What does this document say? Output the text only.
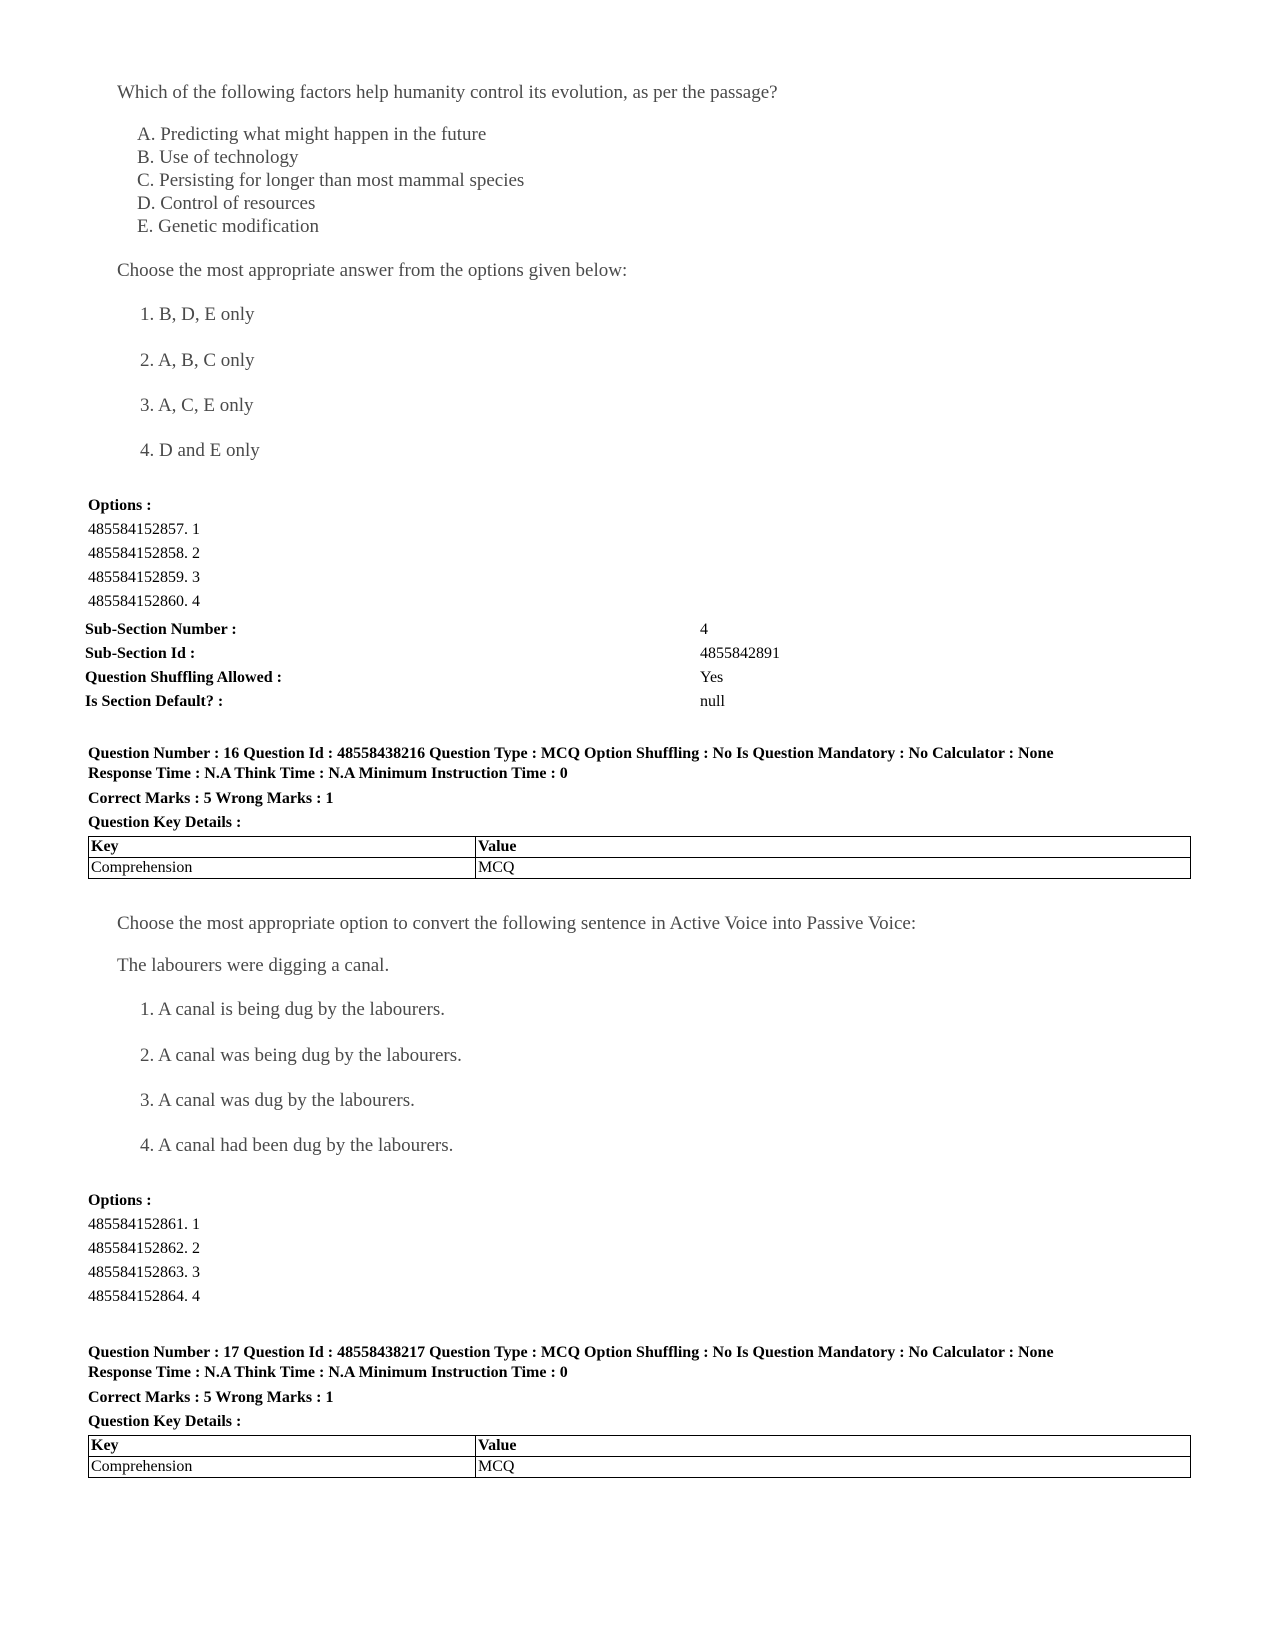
Which of the following factors help humanity control its evolution, as per the passage?
A. Predicting what might happen in the future
B. Use of technology
C. Persisting for longer than most mammal species
D. Control of resources
E. Genetic modification
Choose the most appropriate answer from the options given below:
1. B, D, E only
2. A, B, C only
3. A, C, E only
4. D and E only
Options :
485584152857. 1
485584152858. 2
485584152859. 3
485584152860. 4
Sub-Section Number :	4
Sub-Section Id :	4855842891
Question Shuffling Allowed :	Yes
Is Section Default? :	null
Question Number : 16 Question Id : 48558438216 Question Type : MCQ Option Shuffling : No Is Question Mandatory : No Calculator : None
Response Time : N.A Think Time : N.A Minimum Instruction Time : 0
Correct Marks : 5 Wrong Marks : 1
Question Key Details :
Key	Value
Comprehension	MCQ
Choose the most appropriate option to convert the following sentence in Active Voice into Passive Voice:
The labourers were digging a canal.
1. A canal is being dug by the labourers.
2. A canal was being dug by the labourers.
3. A canal was dug by the labourers.
4. A canal had been dug by the labourers.
Options :
485584152861. 1
485584152862. 2
485584152863. 3
485584152864. 4
Question Number : 17 Question Id : 48558438217 Question Type : MCQ Option Shuffling : No Is Question Mandatory : No Calculator : None
Response Time : N.A Think Time : N.A Minimum Instruction Time : 0
Correct Marks : 5 Wrong Marks : 1
Question Key Details :
Key	Value
Comprehension	MCQ
